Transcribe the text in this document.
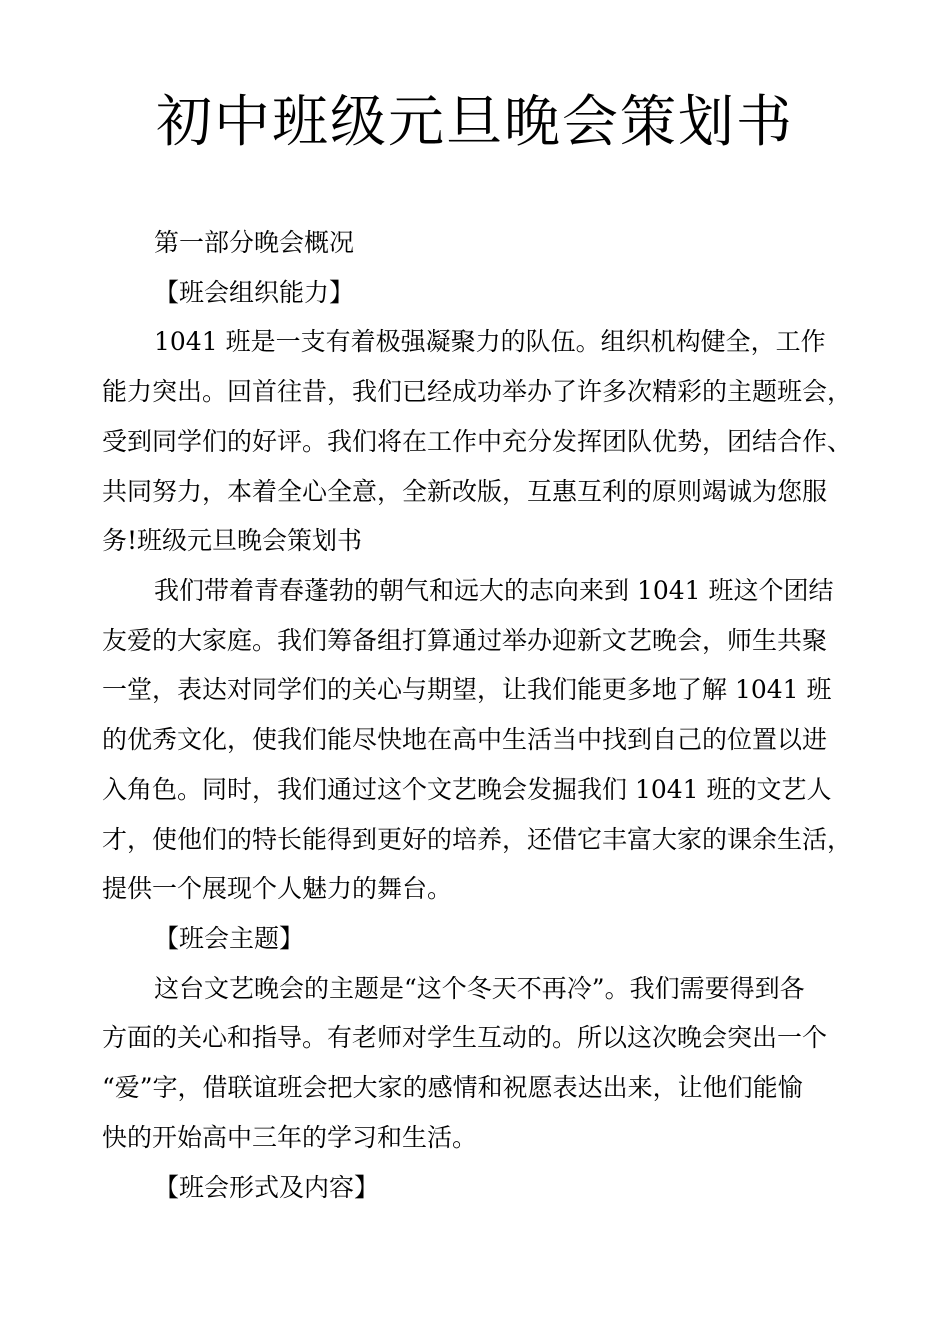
初中班级元旦晚会策划书

第一部分晚会概况

【班会组织能力】

1041 班是一支有着极强凝聚力的队伍。组织机构健全，工作

能力突出。回首往昔，我们已经成功举办了许多次精彩的主题班会，

受到同学们的好评。我们将在工作中充分发挥团队优势，团结合作、

共同努力，本着全心全意，全新改版，互惠互利的原则竭诚为您服

务!班级元旦晚会策划书

我们带着青春蓬勃的朝气和远大的志向来到 1041 班这个团结

友爱的大家庭。我们筹备组打算通过举办迎新文艺晚会，师生共聚

一堂，表达对同学们的关心与期望，让我们能更多地了解 1041 班

的优秀文化，使我们能尽快地在高中生活当中找到自己的位置以进

入角色。同时，我们通过这个文艺晚会发掘我们 1041 班的文艺人

才，使他们的特长能得到更好的培养，还借它丰富大家的课余生活，

提供一个展现个人魅力的舞台。

【班会主题】

这台文艺晚会的主题是“这个冬天不再冷”。我们需要得到各

方面的关心和指导。有老师对学生互动的。所以这次晚会突出一个

“爱”字，借联谊班会把大家的感情和祝愿表达出来，让他们能愉

快的开始高中三年的学习和生活。

【班会形式及内容】
